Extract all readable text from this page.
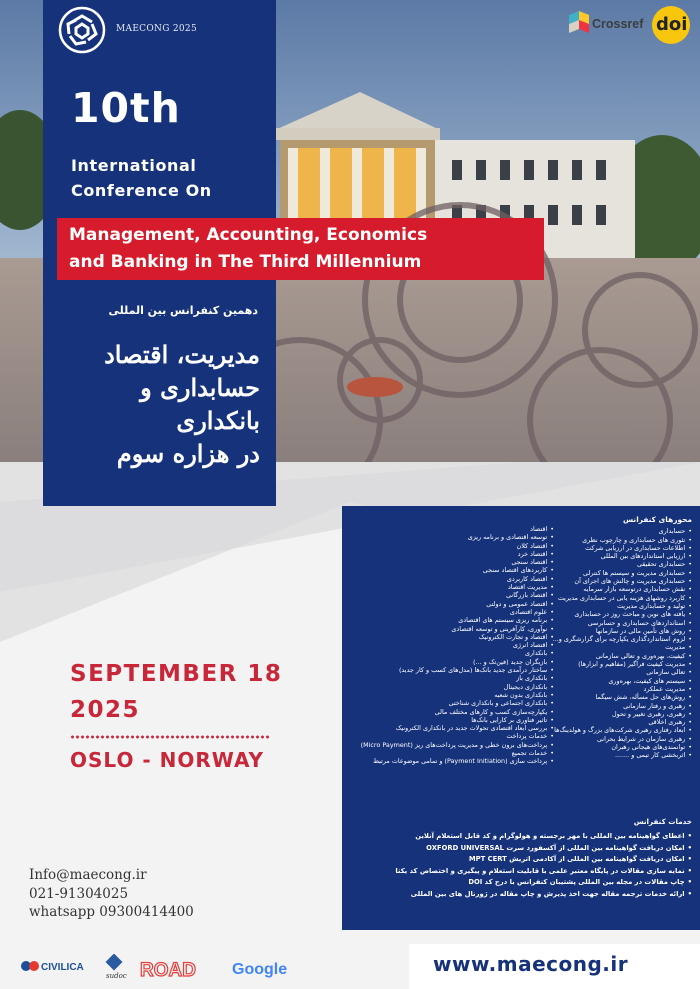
Crossref doi
MAECONG 2025
10th
International
Conference On
Management, Accounting, Economics
and Banking in The Third Millennium
دهمین کنفرانس بین المللی
مدیریت، اقتصاد
حسابداری و
بانکداری
در هزاره سوم
محورهای کنفرانس
• حسابداری
• تئوری های حسابداری و چارچوب نظری
• اطلاعات حسابداری در ارزیابی شرکت
• ارزیابی استانداردهای بین المللی
• حسابداری تحقیقی
• حسابداری مدیریت و سیستم ها کنترلی
• حسابداری مدیریت و چالش های اجرای آن
• نقش حسابداری درتوسعه بازار سرمایه
• کاربرد روشهای هزینه یابی در حسابداری مدیریت
• تولید و حسابداری مدیریت
• یافته های نوین و مباحث روز در حسابداری
• استانداردهای حسابداری و حسابرسی
• روش های تأمین مالی در سازمانها
• لزوم استانداردگذاری یکپارچه برای گزارشگری و...
• مدیریت
• کیفیت، بهره‌وری و تعالی سازمانی
• مدیریت کیفیت فراگیر (مفاهیم و ابزارها)
• تعالی سازمانی
• سیستم های کیفیت، بهره‌وری
• مدیریت عملکرد
• روش‌های حل مسأله، شش سیگما
• رهبری و رفتار سازمانی
• رهبری، رهبری تغییر و تحول
• رهبری اخلاقی
• ابعاد رفتاری رهبری شرکت‌های بزرگ و هولدینگ‌ها
• رهبری سازمان در شرایط بحرانی
• توانمندی‌های هیجانی رهبران
• اثربخشی کار تیمی و .......
• اقتصاد
• توسعه اقتصادی و برنامه ریزی
• اقتصاد کلان
• اقتصاد خرد
• اقتصاد سنجی
• کاربردهای اقتصاد سنجی
• اقتصاد کاربردی
• مدیریت اقتصاد
• اقتصاد بازرگانی
• اقتصاد عمومی و دولتی
• علوم اقتصادی
• برنامه ریزی سیستم های اقتصادی
• نوآوری، کارآفرینی و توسعه اقتصادی
• اقتصاد و تجارت الکترونیک
• اقتصاد انرژی
• بانکداری
• بازیگران جدید (فین‌تک و ...)
• ساختار درآمدی جدید بانک‌ها (مدل‌های کسب و کار جدید)
• بانکداری باز
• بانکداری دیجیتال
• بانکداری بدون شعبه
• بانکداری اجتماعی و بانکداری شناختی
• یکپارچه‌سازی کسب و کارهای مختلف مالی
• تاثیر فناوری بر کارایی بانک‌ها
• بررسی ابعاد اقتصادی تحولات جدید در بانکداری الکترونیک
• خدمات پرداخت
• پرداخت‌های برون خطی و مدیریت پرداخت‌های ریز (Micro Payment)
• خدمات تجمیع
• پرداخت سازی (Payment Initiation) و تمامی موضوعات مرتبط
خدمات کنفرانس
• اعطای گواهینامه بین المللی با مهر برجسته و هولوگرام و کد قابل استعلام آنلاین
• امکان دریافت گواهینامه بین المللی از آکسفورد سرت OXFORD UNIVERSAL
• امکان دریافت گواهینامه بین المللی از آکادمی اتریش MPT CERT
• نمایه سازی مقالات در پایگاه معتبر علمی با قابلیت استعلام و پیگیری و اختصاص کد یکتا
• چاپ مقالات در مجله بین المللی پشتیبان کنفرانس با درج کد DOI
• ارائه خدمات ترجمه مقاله جهت اخذ پذیرش و چاپ مقاله در ژورنال های بین المللی
SEPTEMBER 18
2025
OSLO - NORWAY
Info@maecong.ir
021-91304025
whatsapp 09300414400
CIVILICA
sudoc ROAD Google	www.maecong.ir
